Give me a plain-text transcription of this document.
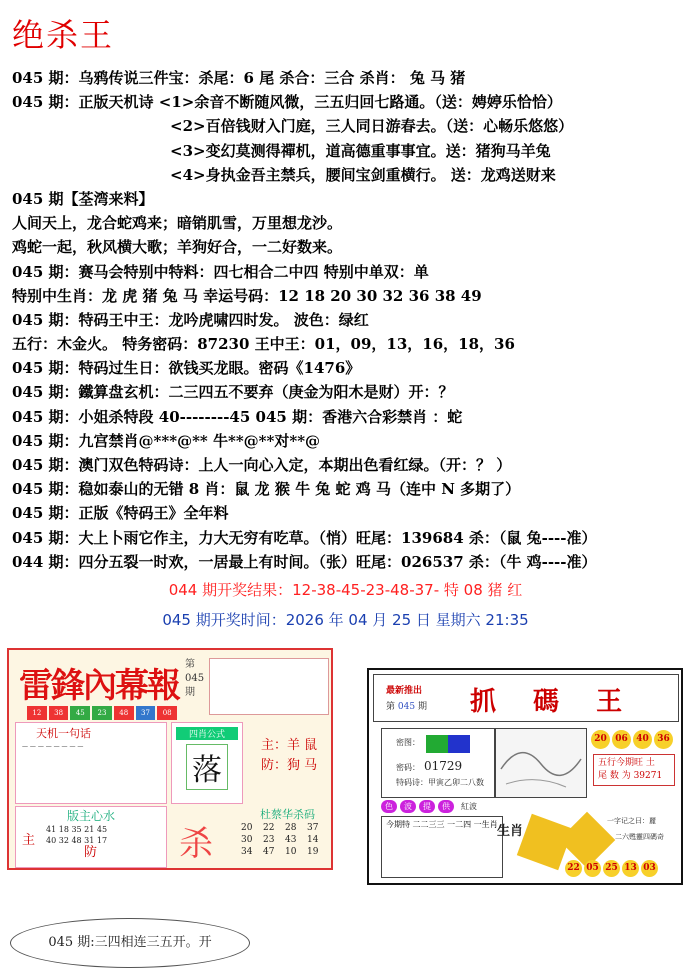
绝杀王
045 期：乌鸦传说三件宝：杀尾：6 尾 杀合：三合 杀肖： 兔 马 猪
045 期：正版天机诗 <1>余音不断随风微，三五归回七路通。（送：娉婷乐恰恰）
<2>百倍钱财入门庭，三人同日游春去。（送：心畅乐悠悠）
<3>变幻莫测得禪机，道高德重事事宜。送：猪狗马羊兔
<4>身执金吾主禁兵，腰间宝剑重横行。 送：龙鸡送财来
045 期【荃湾来料】
人间天上，龙合蛇鸡来；暗销肌雪，万里想龙沙。
鸡蛇一起，秋风横大歌；羊狗好合，一二好数来。
045 期：赛马会特别中特料：四七相合二中四 特别中单双：单
特别中生肖：龙 虎 猪 兔 马 幸运号码：12 18 20 30 32 36 38 49
045 期：特码王中王：龙吟虎啸四时发。 波色：绿红
五行：木金火。 特务密码：87230 王中王：01，09，13，16，18，36
045 期：特码过生日：欲钱买龙眼。密码《1476》
045 期：鐵算盘玄机：二三四五不要弃（庚金为阳木是财）开：？
045 期：小姐杀特段 40--------45 045 期：香港六合彩禁肖 ：蛇
045 期：九宫禁肖@***@** 牛**@**对**@
045 期：澳门双色特码诗：上人一向心入定，本期出色看红绿。（开：？ ）
045 期：稳如泰山的无错 8 肖：鼠 龙 猴 牛 兔 蛇 鸡 马（连中 N 多期了）
045 期：正版《特码王》全年料
045 期：大上卜雨它作主，力大无穷有吃草。（悄）旺尾：139684 杀：（鼠 兔----准）
044 期：四分五裂一时欢，一居最上有时间。（张）旺尾：026537 杀：（牛 鸡----准）
044 期开奖结果：12-38-45-23-48-37- 特 08 猪 红
045 期开奖时间：2026 年 04 月 25 日 星期六 21:35
雷鋒內幕報
12	38	45	23	48	37	08
第 045 期
天机一句话
— — — — — — — —
四肖公式
落
主：羊 鼠
防：狗 马
版主心水
主
防
41 18 35 21 45
40 32 48 31 17
杜蔡华杀码
杀	20 22 28 37
30 23 43 14
34 47 10 19
最新推出
第 045 期 抓 碼 王
密图：
密码： 01729
特码诗：甲寅乙卯二八数
20 06 40 36
五行今期旺 土
尾 数 为 39271
色	波	提	供	紅波
今期特 二二三三 一二四 一生肖 生肖
一字记之曰：麗
二六甦靈四碼奇
22 05 25 13 03
045 期:三四相连三五开。开
